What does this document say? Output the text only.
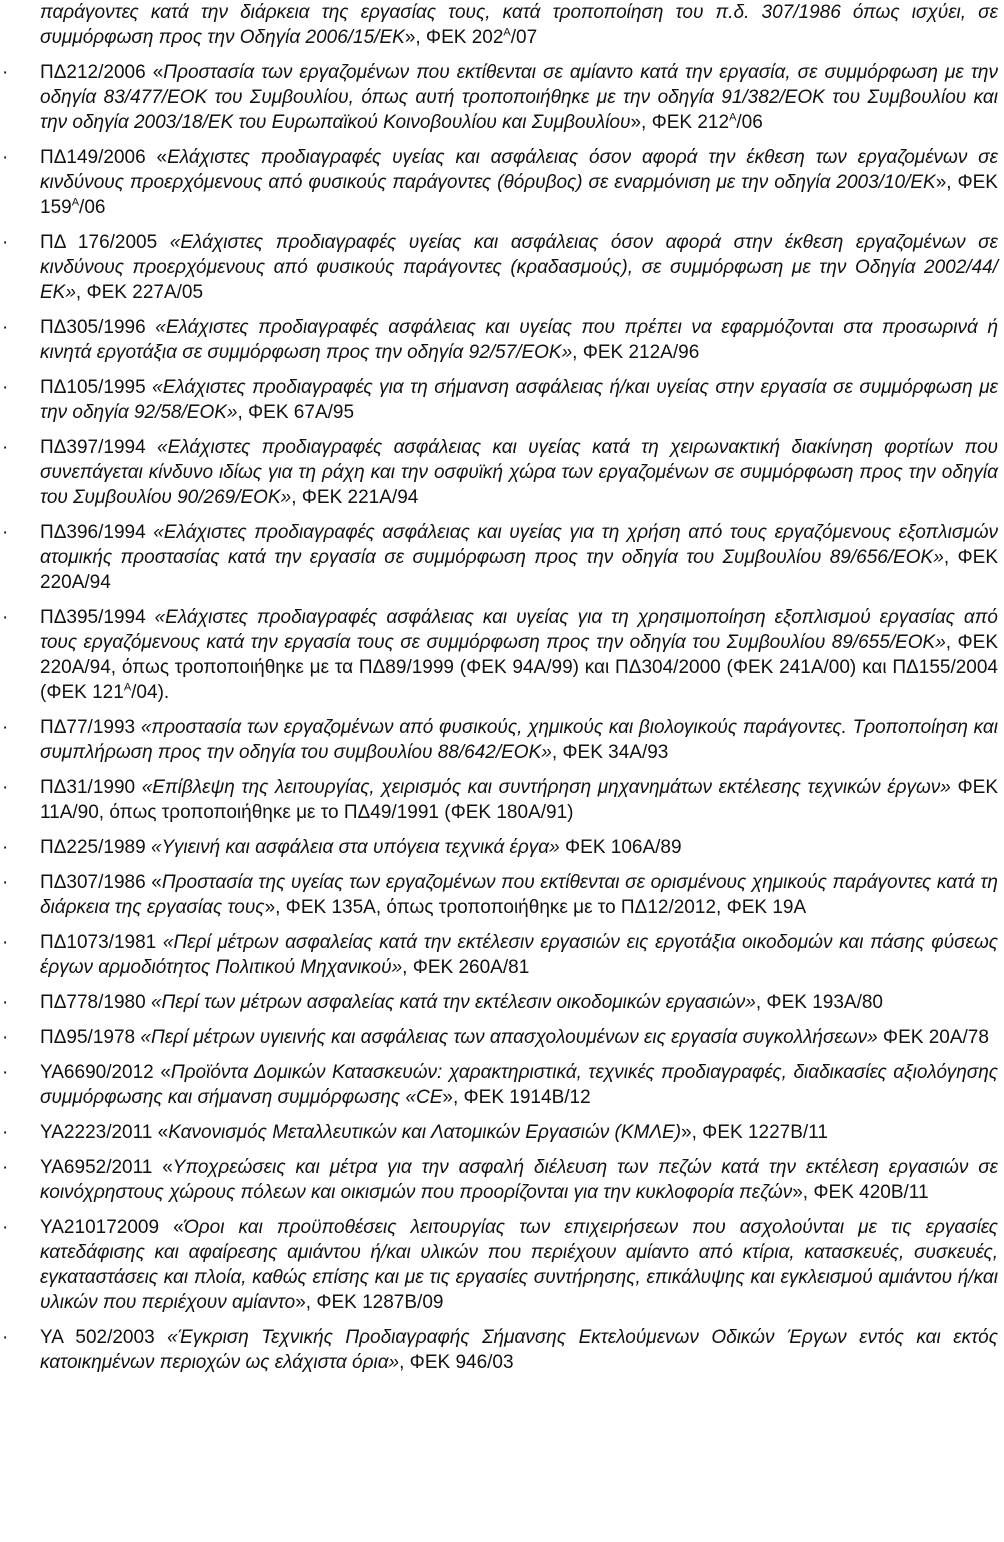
παράγοντες κατά την διάρκεια της εργασίας τους, κατά τροποποίηση του π.δ. 307/1986 όπως ισχύει, σε συμμόρφωση προς την Οδηγία 2006/15/ΕΚ», ΦΕΚ $202^A/07$
· ΠΔ212/2006 «Προστασία των εργαζομένων που εκτίθενται σε αμίαντο κατά την εργασία, σε συμμόρφωση με την οδηγία 83/477/ΕΟΚ του Συμβουλίου, όπως αυτή τροποποιήθηκε με την οδηγία 91/382/ΕΟΚ του Συμβουλίου και την οδηγία 2003/18/ΕΚ του Ευρωπαϊκού Κοινοβουλίου και Συμβουλίου», ΦΕΚ $212^A/06$
· ΠΔ149/2006 «Ελάχιστες προδιαγραφές υγείας και ασφάλειας όσον αφορά την έκθεση των εργαζομένων σε κινδύνους προερχόμενους από φυσικούς παράγοντες (θόρυβος) σε εναρμόνιση με την οδηγία 2003/10/ΕΚ», ΦΕΚ $159^A/06$
· ΠΔ 176/2005 «Ελάχιστες προδιαγραφές υγείας και ασφάλειας όσον αφορά στην έκθεση εργαζομένων σε κινδύνους προερχόμενους από φυσικούς παράγοντες (κραδασμούς), σε συμμόρφωση με την Οδηγία 2002/44/ΕΚ», ΦΕΚ 227Α/05
· ΠΔ305/1996 «Ελάχιστες προδιαγραφές ασφάλειας και υγείας που πρέπει να εφαρμόζονται στα προσωρινά ή κινητά εργοτάξια σε συμμόρφωση προς την οδηγία 92/57/ΕΟΚ», ΦΕΚ 212Α/96
· ΠΔ105/1995 «Ελάχιστες προδιαγραφές για τη σήμανση ασφάλειας ή/και υγείας στην εργασία σε συμμόρφωση με την οδηγία 92/58/ΕΟΚ», ΦΕΚ 67Α/95
· ΠΔ397/1994 «Ελάχιστες προδιαγραφές ασφάλειας και υγείας κατά τη χειρωνακτική διακίνηση φορτίων που συνεπάγεται κίνδυνο ιδίως για τη ράχη και την οσφυϊκή χώρα των εργαζομένων σε συμμόρφωση προς την οδηγία του Συμβουλίου 90/269/ΕΟΚ», ΦΕΚ 221Α/94
· ΠΔ396/1994 «Ελάχιστες προδιαγραφές ασφάλειας και υγείας για τη χρήση από τους εργαζόμενους εξοπλισμών ατομικής προστασίας κατά την εργασία σε συμμόρφωση προς την οδηγία του Συμβουλίου 89/656/ΕΟΚ», ΦΕΚ 220Α/94
· ΠΔ395/1994 «Ελάχιστες προδιαγραφές ασφάλειας και υγείας για τη χρησιμοποίηση εξοπλισμού εργασίας από τους εργαζόμενους κατά την εργασία τους σε συμμόρφωση προς την οδηγία του Συμβουλίου 89/655/ΕΟΚ», ΦΕΚ 220Α/94, όπως τροποποιήθηκε με τα ΠΔ89/1999 (ΦΕΚ 94Α/99) και ΠΔ304/2000 (ΦΕΚ 241Α/00) και ΠΔ155/2004 (ΦΕΚ $121^A/04$).
· ΠΔ77/1993 «προστασία των εργαζομένων από φυσικούς, χημικούς και βιολογικούς παράγοντες. Τροποποίηση και συμπλήρωση προς την οδηγία του συμβουλίου 88/642/ΕΟΚ», ΦΕΚ 34Α/93
· ΠΔ31/1990 «Επίβλεψη της λειτουργίας, χειρισμός και συντήρηση μηχανημάτων εκτέλεσης τεχνικών έργων» ΦΕΚ 11Α/90, όπως τροποποιήθηκε με το ΠΔ49/1991 (ΦΕΚ 180Α/91)
· ΠΔ225/1989 «Υγιεινή και ασφάλεια στα υπόγεια τεχνικά έργα» ΦΕΚ 106Α/89
· ΠΔ307/1986 «Προστασία της υγείας των εργαζομένων που εκτίθενται σε ορισμένους χημικούς παράγοντες κατά τη διάρκεια της εργασίας τους», ΦΕΚ 135Α, όπως τροποποιήθηκε με το ΠΔ12/2012, ΦΕΚ 19Α
· ΠΔ1073/1981 «Περί μέτρων ασφαλείας κατά την εκτέλεσιν εργασιών εις εργοτάξια οικοδομών και πάσης φύσεως έργων αρμοδιότητος Πολιτικού Μηχανικού», ΦΕΚ 260Α/81
· ΠΔ778/1980 «Περί των μέτρων ασφαλείας κατά την εκτέλεσιν οικοδομικών εργασιών», ΦΕΚ 193Α/80
· ΠΔ95/1978 «Περί μέτρων υγιεινής και ασφάλειας των απασχολουμένων εις εργασία συγκολλήσεων» ΦΕΚ 20Α/78
· ΥΑ6690/2012 «Προϊόντα Δομικών Κατασκευών: χαρακτηριστικά, τεχνικές προδιαγραφές, διαδικασίες αξιολόγησης συμμόρφωσης και σήμανση συμμόρφωσης «CE», ΦΕΚ 1914Β/12
· ΥΑ2223/2011 «Κανονισμός Μεταλλευτικών και Λατομικών Εργασιών (ΚΜΛΕ)», ΦΕΚ 1227Β/11
· ΥΑ6952/2011 «Υποχρεώσεις και μέτρα για την ασφαλή διέλευση των πεζών κατά την εκτέλεση εργασιών σε κοινόχρηστους χώρους πόλεων και οικισμών που προορίζονται για την κυκλοφορία πεζών», ΦΕΚ 420Β/11
· ΥΑ210172009 «Όροι και προϋποθέσεις λειτουργίας των επιχειρήσεων που ασχολούνται με τις εργασίες κατεδάφισης και αφαίρεσης αμιάντου ή/και υλικών που περιέχουν αμίαντο από κτίρια, κατασκευές, συσκευές, εγκαταστάσεις και πλοία, καθώς επίσης και με τις εργασίες συντήρησης, επικάλυψης και εγκλεισμού αμιάντου ή/και υλικών που περιέχουν αμίαντο», ΦΕΚ 1287Β/09
· ΥΑ 502/2003 «Έγκριση Τεχνικής Προδιαγραφής Σήμανσης Εκτελούμενων Οδικών Έργων εντός και εκτός κατοικημένων περιοχών ως ελάχιστα όρια», ΦΕΚ 946/03
